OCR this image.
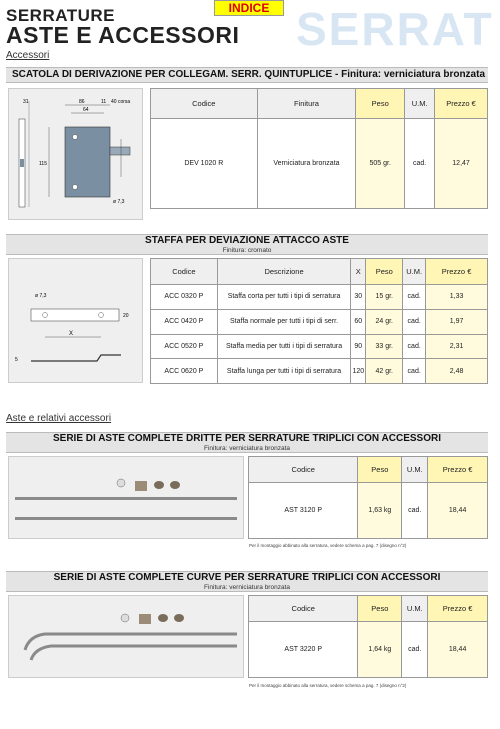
SERRAT
SERRATURE
ASTE E ACCESSORI
INDICE
Accessori
SCATOLA DI DERIVAZIONE PER COLLEGAM. SERR. QUINTUPLICE - Finitura: verniciatura bronzata
86
64
11 40 corsa
115
31
ø 7,3
Codice	Finitura	Peso	U.M.	Prezzo €
DEV 1020 R	Verniciatura bronzata	505 gr.	cad.	12,47
STAFFA PER DEVIAZIONE ATTACCO ASTE
Finitura: cromato
X
ø 7,3
20
5
Codice	Descrizione	X	Peso	U.M.	Prezzo €
ACC 0320 P	Staffa corta per tutti i tipi di serratura	30	15 gr.	cad.	1,33
ACC 0420 P	Staffa normale per tutti i tipi di serr.	60	24 gr.	cad.	1,97
ACC 0520 P	Staffa media per tutti i tipi di serratura	90	33 gr.	cad.	2,31
ACC 0620 P	Staffa lunga per tutti i tipi di serratura	120	42 gr.	cad.	2,48
Aste e relativi accessori
SERIE DI ASTE COMPLETE DRITTE PER SERRATURE TRIPLICI CON ACCESSORI
Finitura: verniciatura bronzata
Codice	Peso	U.M.	Prezzo €
AST 3120 P	1,63 kg	cad.	18,44
Per il montaggio abbinato alla serratura, vedere schema a pag. 7 (disegno n°2)
SERIE DI ASTE COMPLETE CURVE PER SERRATURE TRIPLICI CON ACCESSORI
Finitura: verniciatura bronzata
Codice	Peso	U.M.	Prezzo €
AST 3220 P	1,64 kg	cad.	18,44
Per il montaggio abbinato alla serratura, vedere schema a pag. 7 (disegno n°2)
